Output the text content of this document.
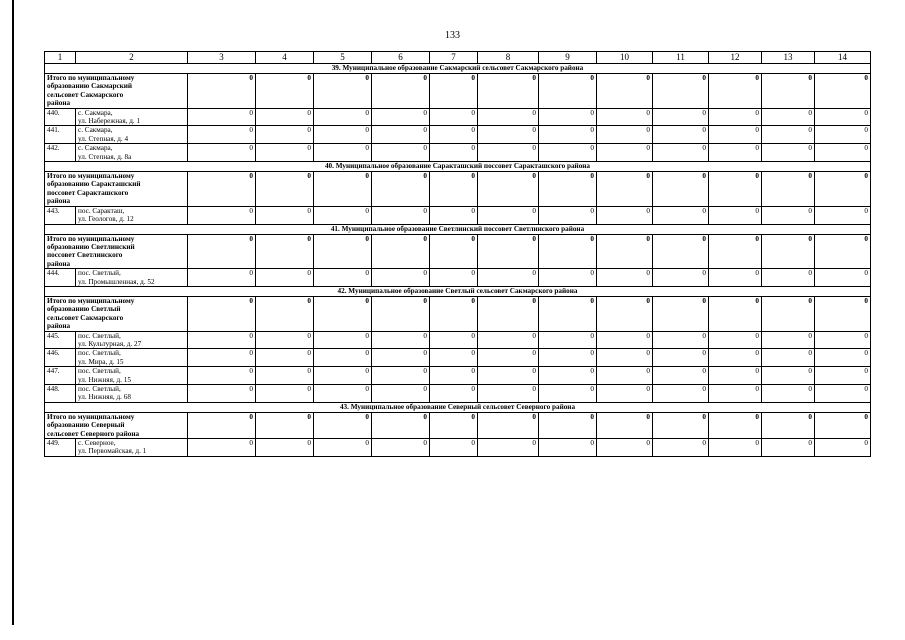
133
1	2	3	4	5	6	7	8	9	10	11	12	13	14
39. Муниципальное образование Сакмарский сельсовет Сакмарского района													

Итого по муниципальному
образованию Сакмарский
сельсовет Сакмарского
района		0	0	0	0	0	0	0	0	0	0	0	0
440.	с. Сакмара,
ул. Набережная, д. 1	0	0	0	0	0	0	0	0	0	0	0	0
441.	с. Сакмара,
ул. Степная, д. 4	0	0	0	0	0	0	0	0	0	0	0	0
442.	с. Сакмара,
ул. Степная, д. 8а	0	0	0	0	0	0	0	0	0	0	0	0
40. Муниципальное образование Саракташский поссовет Саракташского района													

Итого по муниципальному
образованию Саракташский
поссовет Саракташского
района		0	0	0	0	0	0	0	0	0	0	0	0
443.	пос. Саракташ,
ул. Геологов, д. 12	0	0	0	0	0	0	0	0	0	0	0	0
41. Муниципальное образование Светлинский поссовет Светлинского района													

Итого по муниципальному
образованию Светлинский
поссовет Светлинского
района		0	0	0	0	0	0	0	0	0	0	0	0
444.	пос. Светлый,
ул. Промышленная, д. 52	0	0	0	0	0	0	0	0	0	0	0	0
42. Муниципальное образование Светлый сельсовет Сакмарского района													

Итого по муниципальному
образованию Светлый
сельсовет Сакмарского
района		0	0	0	0	0	0	0	0	0	0	0	0
445.	пос. Светлый,
ул. Культурная, д. 27	0	0	0	0	0	0	0	0	0	0	0	0
446.	пос. Светлый,
ул. Мира, д. 15	0	0	0	0	0	0	0	0	0	0	0	0
447.	пос. Светлый,
ул. Нижняя, д. 15	0	0	0	0	0	0	0	0	0	0	0	0
448.	пос. Светлый,
ул. Нижняя, д. 68	0	0	0	0	0	0	0	0	0	0	0	0
43. Муниципальное образование Северный сельсовет Северного района													

Итого по муниципальному
образованию Северный
сельсовет Северного района		0	0	0	0	0	0	0	0	0	0	0	0
449.	с. Северное,
ул. Первомайская, д. 1	0	0	0	0	0	0	0	0	0	0	0	0
